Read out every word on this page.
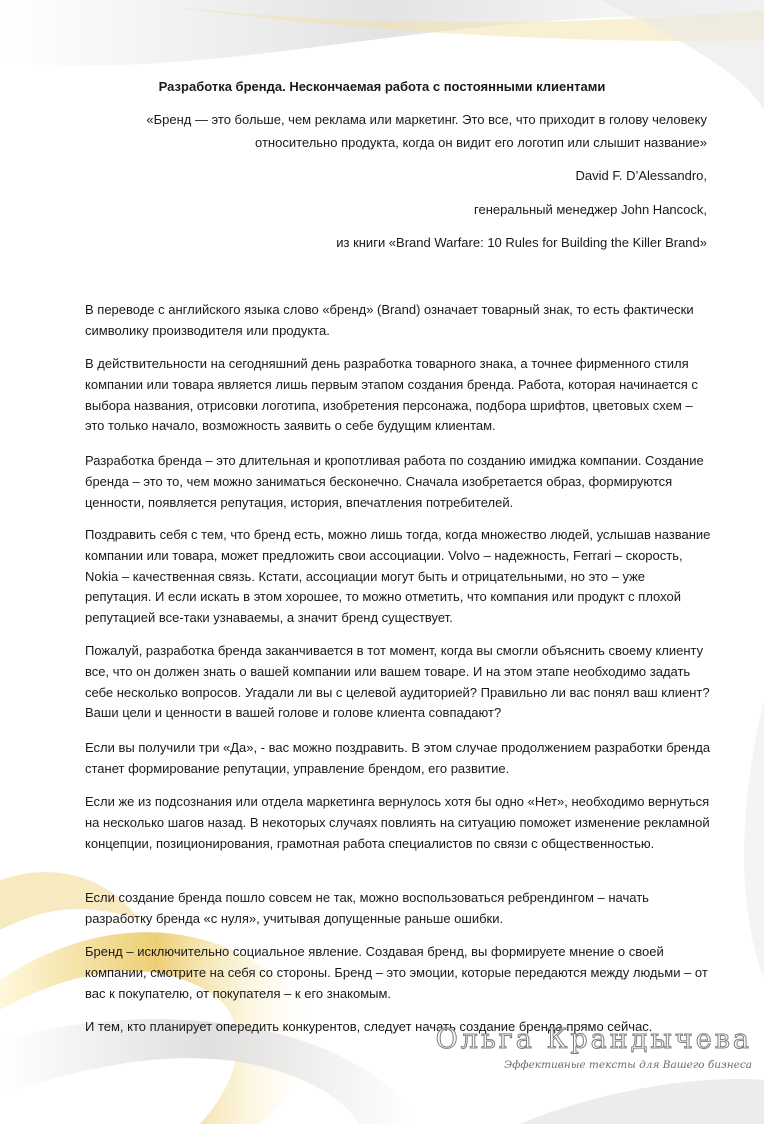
Разработка бренда. Нескончаемая работа с постоянными клиентами
«Бренд — это больше, чем реклама или маркетинг. Это все, что приходит в голову человеку
относительно продукта, когда он видит его логотип или слышит название»
David F. D’Alessandro,
генеральный менеджер John Hancock,
из книги «Brand Warfare: 10 Rules for Building the Killer Brand»

В переводе с английского языка слово «бренд» (Brand) означает товарный знак, то есть фактически символику производителя или продукта.

В действительности на сегодняшний день разработка товарного знака, а точнее фирменного стиля компании или товара является лишь первым этапом создания бренда. Работа, которая начинается с выбора названия, отрисовки логотипа, изобретения персонажа, подбора шрифтов, цветовых схем – это только начало, возможность заявить о себе будущим клиентам.

Разработка бренда – это длительная и кропотливая работа по созданию имиджа компании. Создание бренда – это то, чем можно заниматься бесконечно. Сначала изобретается образ, формируются ценности, появляется репутация, история, впечатления потребителей.

Поздравить себя с тем, что бренд есть, можно лишь тогда, когда множество людей, услышав название компании или товара, может предложить свои ассоциации. Volvo – надежность, Ferrari – скорость, Nokia – качественная связь. Кстати, ассоциации могут быть и отрицательными, но это – уже репутация. И если искать в этом хорошее, то можно отметить, что компания или продукт с плохой репутацией все-таки узнаваемы, а значит бренд существует.

Пожалуй, разработка бренда заканчивается в тот момент, когда вы смогли объяснить своему клиенту все, что он должен знать о вашей компании или вашем товаре. И на этом этапе необходимо задать себе несколько вопросов. Угадали ли вы с целевой аудиторией? Правильно ли вас понял ваш клиент? Ваши цели и ценности в вашей голове и голове клиента совпадают?

Если вы получили три «Да», - вас можно поздравить. В этом случае продолжением разработки бренда станет формирование репутации, управление брендом, его развитие.

Если же из подсознания или отдела маркетинга вернулось хотя бы одно «Нет», необходимо вернуться на несколько шагов назад. В некоторых случаях повлиять на ситуацию поможет изменение рекламной концепции, позиционирования, грамотная работа специалистов по связи с общественностью.

Если создание бренда пошло совсем не так, можно воспользоваться ребрендингом – начать разработку бренда «с нуля», учитывая допущенные раньше ошибки.

Бренд – исключительно социальное явление. Создавая бренд, вы формируете мнение о своей компании, смотрите на себя со стороны. Бренд – это эмоции, которые передаются между людьми – от вас к покупателю, от покупателя – к его знакомым.

И тем, кто планирует опередить конкурентов, следует начать создание бренда прямо сейчас.

Ольга Крандычева
Эффективные тексты для Вашего бизнеса
